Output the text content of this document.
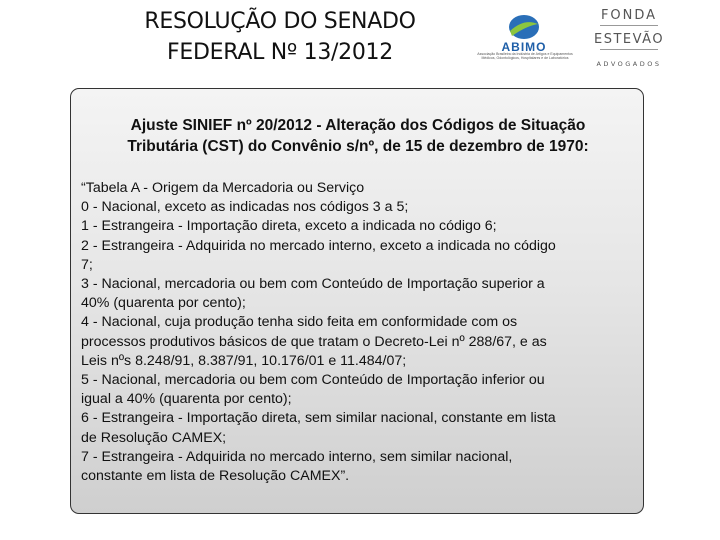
RESOLUÇÃO DO SENADO
FEDERAL Nº 13/2012	ABIMO
Associação Brasileira da Indústria de Artigos e Equipamentos Médicos, Odontológicos, Hospitalares e de Laboratórios
FONDA
ESTEVÃO
ADVOGADOS
Ajuste SINIEF nº 20/2012 - Alteração dos Códigos de Situação
Tributária (CST) do Convênio s/nº, de 15 de dezembro de 1970:
“Tabela A - Origem da Mercadoria ou Serviço
0 - Nacional, exceto as indicadas nos códigos 3 a 5;
1 - Estrangeira - Importação direta, exceto a indicada no código 6;
2 - Estrangeira - Adquirida no mercado interno, exceto a indicada no código
7;
3 - Nacional, mercadoria ou bem com Conteúdo de Importação superior a
40% (quarenta por cento);
4 - Nacional, cuja produção tenha sido feita em conformidade com os
processos produtivos básicos de que tratam o Decreto-Lei nº 288/67, e as
Leis nºs 8.248/91, 8.387/91, 10.176/01 e 11.484/07;
5 - Nacional, mercadoria ou bem com Conteúdo de Importação inferior ou
igual a 40% (quarenta por cento);
6 - Estrangeira - Importação direta, sem similar nacional, constante em lista
de Resolução CAMEX;
7 - Estrangeira - Adquirida no mercado interno, sem similar nacional,
constante em lista de Resolução CAMEX”.
